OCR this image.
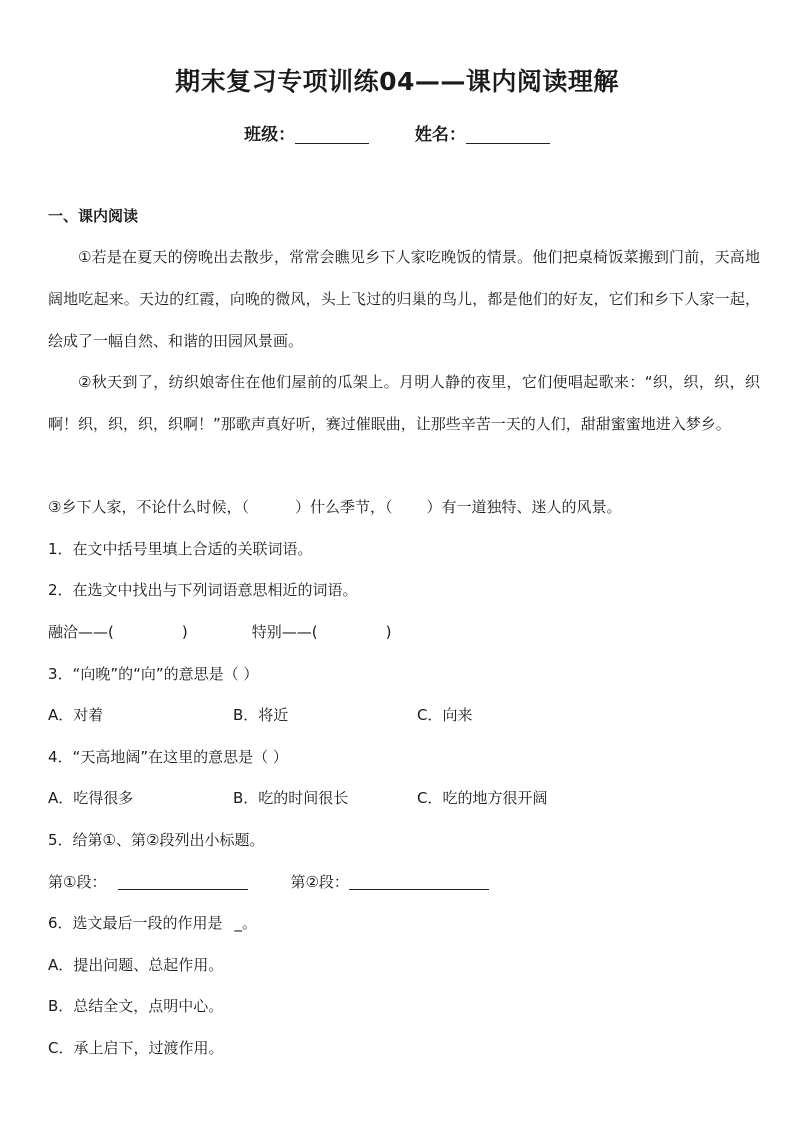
期末复习专项训练04——课内阅读理解
班级：	姓名：
一、课内阅读
①若是在夏天的傍晚出去散步，常常会瞧见乡下人家吃晚饭的情景。他们把桌椅饭菜搬到门前，天高地阔地吃起来。天边的红霞，向晚的微风，头上飞过的归巢的鸟儿，都是他们的好友，它们和乡下人家一起，绘成了一幅自然、和谐的田园风景画。
②秋天到了，纺织娘寄住在他们屋前的瓜架上。月明人静的夜里，它们便唱起歌来：“织，织，织，织啊！织，织，织，织啊！”那歌声真好听，赛过催眠曲，让那些辛苦一天的人们，甜甜蜜蜜地进入梦乡。
③乡下人家，不论什么时候，（	）什么季节，（ ）有一道独特、迷人的风景。
1．在文中括号里填上合适的关联词语。
2．在选文中找出与下列词语意思相近的词语。
融洽——(	)	特别——(	)
3．“向晚”的“向”的意思是（ ）
A．对着	B．将近	C．向来
4．“天高地阔”在这里的意思是（ ）
A．吃得很多	B．吃的时间很长	C．吃的地方很开阔
5．给第①、第②段列出小标题。
第①段：	第②段：
6．选文最后一段的作用是 _。
A．提出问题、总起作用。
B．总结全文，点明中心。
C．承上启下，过渡作用。
